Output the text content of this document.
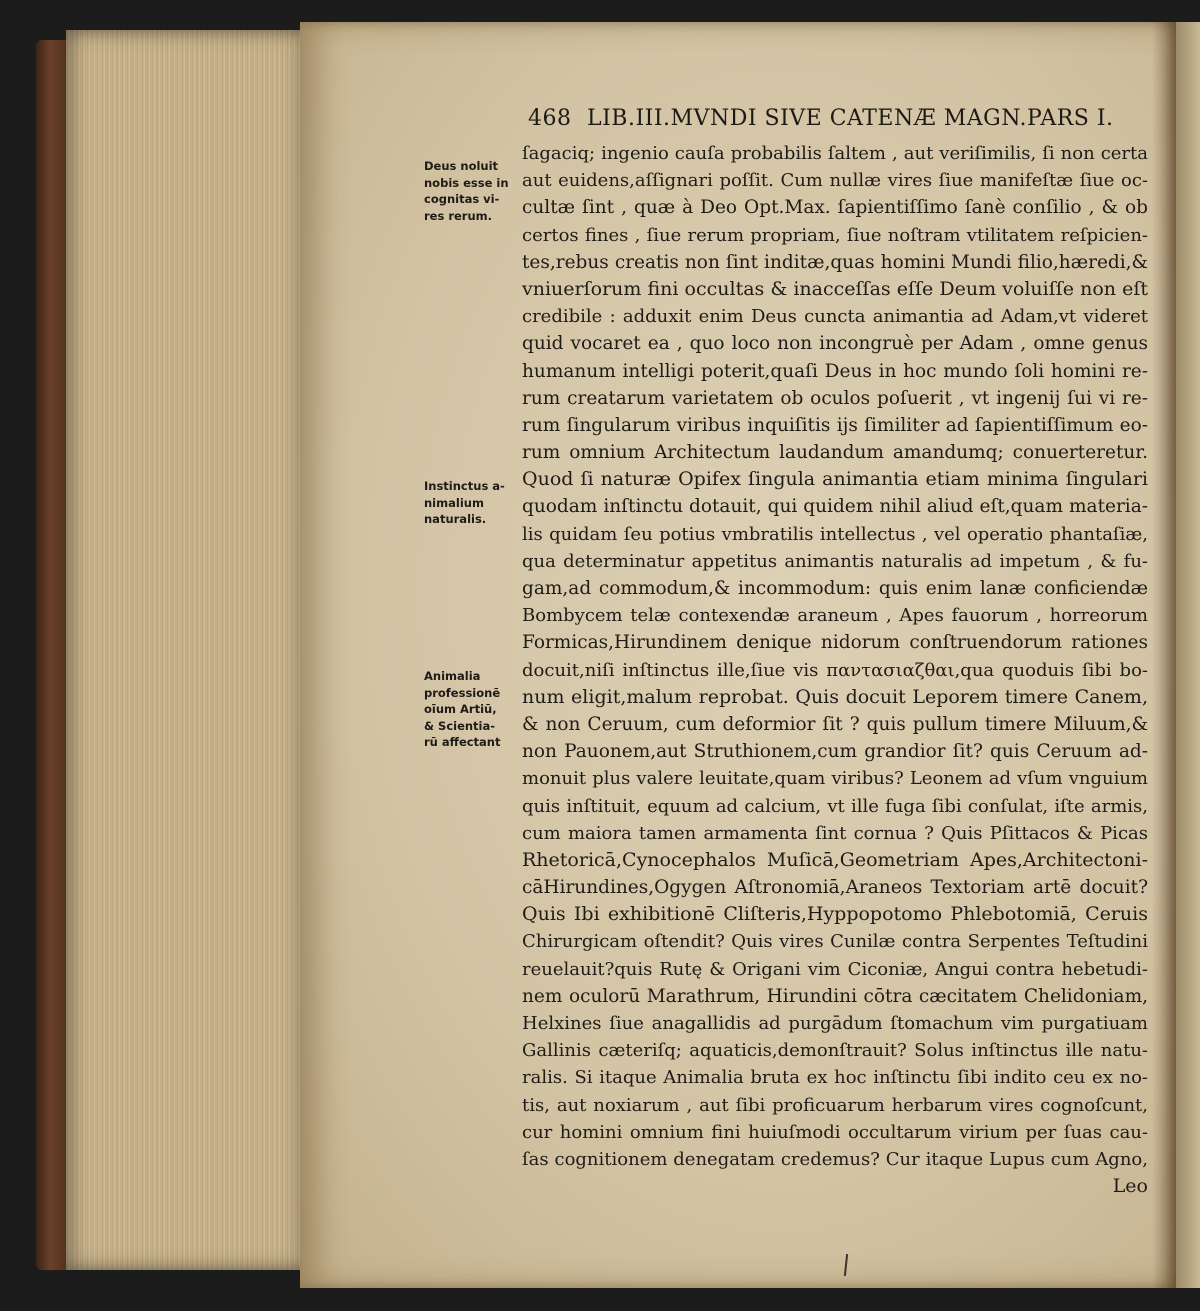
468 LIB.III.MVNDI SIVE CATENÆ MAGN.PARS I.
Deus noluit
nobis esse in
cognitas vi-
res rerum.
Instinctus a-
nimalium
naturalis.
Animalia
professionē
oīum Artiū,
& Scientia-
rū affectant
ſagaciq; ingenio cauſa probabilis ſaltem , aut veriſimilis, ſi non certa
aut euidens,aſſignari poſſit. Cum nullæ vires ſiue manifeſtæ ſiue oc-
cultæ ſint , quæ à Deo Opt.Max. ſapientiſſimo ſanè conſilio , & ob
certos fines , ſiue rerum propriam, ſiue noſtram vtilitatem reſpicien-
tes,rebus creatis non ſint inditæ,quas homini Mundi filio,hæredi,&
vniuerſorum fini occultas & inacceſſas eſſe Deum voluiſſe non eſt
credibile : adduxit enim Deus cuncta animantia ad Adam,vt videret
quid vocaret ea , quo loco non incongruè per Adam , omne genus
humanum intelligi poterit,quaſi Deus in hoc mundo ſoli homini re-
rum creatarum varietatem ob oculos poſuerit , vt ingenij ſui vi re-
rum ſingularum viribus inquiſitis ijs ſimiliter ad ſapientiſſimum eo-
rum omnium Architectum laudandum amandumq; conuerteretur.
Quod ſi naturæ Opifex ſingula animantia etiam minima ſingulari
quodam inſtinctu dotauit, qui quidem nihil aliud eſt,quam materia-
lis quidam ſeu potius vmbratilis intellectus , vel operatio phantaſiæ,
qua determinatur appetitus animantis naturalis ad impetum , & fu-
gam,ad commodum,& incommodum: quis enim lanæ conficiendæ
Bombycem telæ contexendæ araneum , Apes fauorum , horreorum
Formicas,Hirundinem denique nidorum conſtruendorum rationes
docuit,niſi inſtinctus ille,ſiue vis παντασιαζθαι,qua quoduis ſibi bo-
num eligit,malum reprobat. Quis docuit Leporem timere Canem,
& non Ceruum, cum deformior ſit ? quis pullum timere Miluum,&
non Pauonem,aut Struthionem,cum grandior ſit? quis Ceruum ad-
monuit plus valere leuitate,quam viribus? Leonem ad vſum vnguium
quis inſtituit, equum ad calcium, vt ille fuga ſibi conſulat, iſte armis,
cum maiora tamen armamenta ſint cornua ? Quis Pſittacos & Picas
Rhetoricā,Cynocephalos Muſicā,Geometriam Apes,Architectoni-
cāHirundines,Ogygen Aſtronomiā,Araneos Textoriam artē docuit?
Quis Ibi exhibitionē Cliſteris,Hyppopotomo Phlebotomiā, Ceruis
Chirurgicam oſtendit? Quis vires Cunilæ contra Serpentes Teſtudini
reuelauit?quis Rutę & Origani vim Ciconiæ, Angui contra hebetudi-
nem oculorū Marathrum, Hirundini cōtra cæcitatem Chelidoniam,
Helxines ſiue anagallidis ad purgādum ſtomachum vim purgatiuam
Gallinis cæteriſq; aquaticis,demonſtrauit? Solus inſtinctus ille natu-
ralis. Si itaque Animalia bruta ex hoc inſtinctu ſibi indito ceu ex no-
tis, aut noxiarum , aut ſibi proficuarum herbarum vires cognoſcunt,
cur homini omnium fini huiuſmodi occultarum virium per ſuas cau-
ſas cognitionem denegatam credemus? Cur itaque Lupus cum Agno,
Leo
